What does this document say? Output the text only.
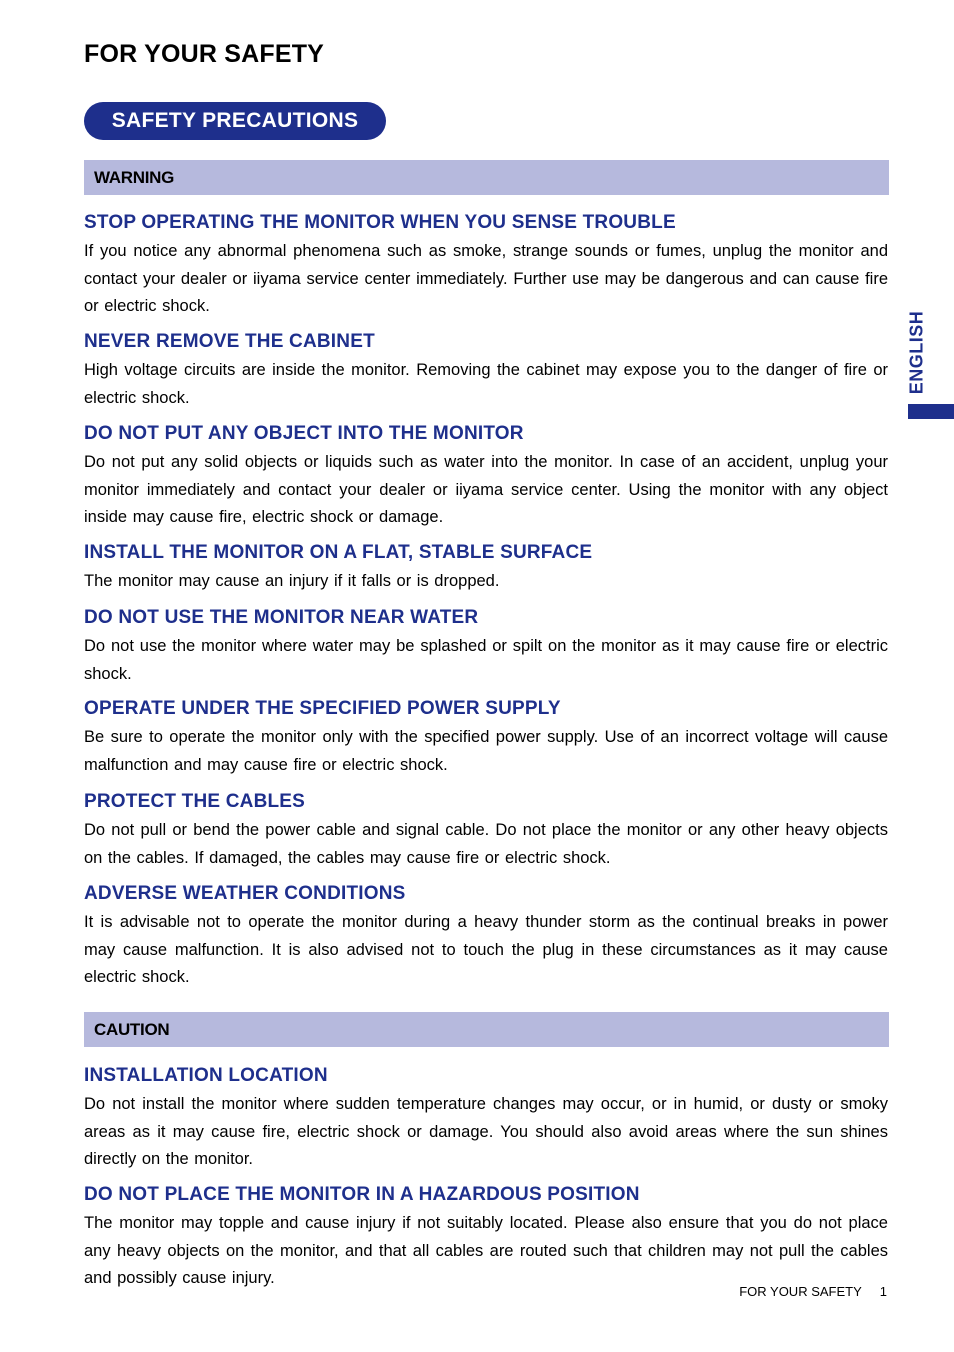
FOR YOUR SAFETY
SAFETY PRECAUTIONS
ENGLISH
WARNING
STOP OPERATING THE MONITOR WHEN YOU SENSE TROUBLE

If you notice any abnormal phenomena such as smoke, strange sounds or fumes, unplug the monitor and contact your dealer or iiyama service center immediately. Further use may be dangerous and can cause fire or electric shock.

NEVER REMOVE THE CABINET

High voltage circuits are inside the monitor. Removing the cabinet may expose you to the danger of fire or electric shock.

DO NOT PUT ANY OBJECT INTO THE MONITOR

Do not put any solid objects or liquids such as water into the monitor. In case of an accident, unplug your monitor immediately and contact your dealer or iiyama service center. Using the monitor with any object inside may cause fire, electric shock or damage.

INSTALL THE MONITOR ON A FLAT, STABLE SURFACE

The monitor may cause an injury if it falls or is dropped.

DO NOT USE THE MONITOR NEAR WATER

Do not use the monitor where water may be splashed or spilt on the monitor as it may cause fire or electric shock.

OPERATE UNDER THE SPECIFIED POWER SUPPLY

Be sure to operate the monitor only with the specified power supply. Use of an incorrect voltage will cause malfunction and may cause fire or electric shock.

PROTECT THE CABLES

Do not pull or bend the power cable and signal cable. Do not place the monitor or any other heavy objects on the cables. If damaged, the cables may cause fire or electric shock.

ADVERSE WEATHER CONDITIONS

It is advisable not to operate the monitor during a heavy thunder storm as the continual breaks in power may cause malfunction. It is also advised not to touch the plug in these circumstances as it may cause electric shock.

CAUTION
INSTALLATION LOCATION

Do not install the monitor where sudden temperature changes may occur, or in humid, or dusty or smoky areas as it may cause fire, electric shock or damage. You should also avoid areas where the sun shines directly on the monitor.

DO NOT PLACE THE MONITOR IN A HAZARDOUS POSITION

The monitor may topple and cause injury if not suitably located. Please also ensure that you do not place any heavy objects on the monitor, and that all cables are routed such that children may not pull the cables and possibly cause injury.

FOR YOUR SAFETY 1
